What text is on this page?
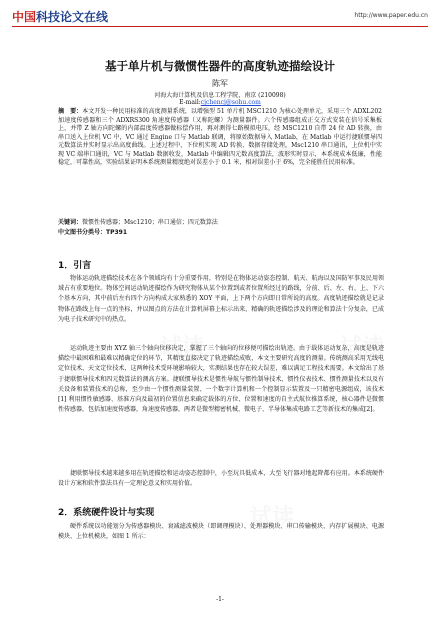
中国科技论文在线	http://www.paper.edu.cn
基于单片机与微惯性器件的高度轨迹描绘设计
陈军
河海大海计算机及信息工程学院，南京 (210098)
E-mail:cjchencj@sohu.com
摘　要：本文开发一种民用标准的高度测量系统，以增强型 51 单片机 MSC1210 为核心处理单元，采用三个 ADXL202 加速度传感器和三个 ADXRS300 角速度传感器（又称陀螺）为测量器件。六个传感器组成正交方式安装在信号采集板上，并带 Z 轴方向陀螺的内部温度传感器做标偿作用，再对测得七路模拟电压，经 MSC1210 自带 24 位 AD 转换，由串口送入上位机 VC 中，VC 通过 Engine 口与 Matlab 联调，将原始数据导入 Matlab，在 Matlab 中运行捷联惯导四元数算法并实时显示出高度曲线。上述过程中，下位机实现 AD 转换、数据存储处理，Msc1210 串口通讯，上位机中实现 VC 端串口通讯，VC 与 Matlab 数据收发，Matlab 中编辑四元数高度算法，波形实时显示，本系统成本低廉，性能稳定，可靠性高，实验结果证明本系统测量精度绝对误差小于 0.1 米，相对误差小于 6%，完全能胜任民用标准。
关键词：微惯性传感器；Msc1210；串口通信；四元数算法
中文图书分类号：TP391
1．引言
物体运动轨迹描绘技术在各个领域均有十分重要作用，特别是在物体运动姿态控制、航天、航海以及国防军事及民用领域占有重要地位。物体空间运动轨迹描绘作为研究物体从某个位置到或者位置所经过的路线，分前、后、左、右、上、下六个基本方向，其中前后左右四个方向构成大家熟悉的 XOY 平面，上下两个方向即日常所说的高度。高度轨迹描绘就是记录物体在路线上每一点的坐标，并以图点的方法在计算机屏幕上标示出来，精确的轨迹描绘涉及的理论和算法十分复杂，已成为电子技术研究中的热点。
运动轨迹主要由 XYZ 轴三个轴向位移决定，掌握了三个轴向的位移便可描绘出轨迹。由于载体运动复杂，高度是轨迹描绘中最困难和最难以精确定位的环节，其精度直接决定了轨迹描绘成败，本文主要研究高度的测量。传统测高采用无线电定位技术，天文定位技术，这两种技术受环境影响较大，实测结果也存在较大误差，难以满足工程技术需要。本文给出了基于捷联惯导技术和四元数算法的测高方案。捷联惯导技术是惯性导航与惯性制导技术、惯性仪表技术、惯性测量技术以及有关设备和装置技术的总称，至少由一个惯性测量装置、一个数字计算机和一个控制显示装置及一只精密电源组成，该技术[1] 利用惯性敏感器、基准方向及最初的位置信息来确定载体的方位、位置和速度的自主式航位推算系统，核心器件是微惯性传感器，包括加速度传感器，角速度传感器，两者是微型精密机械、微电子、半导体集成电路工艺等新技术的集成[2]。
捷联惯导技术越来越多用在轨迹描绘和运动姿态控制中，小至玩具低成本，大至飞行器对地起降都有应用。本系统硬件设计方案和软件算法具有一定理论意义和实用价值。
2．系统硬件设计与实现
硬件系统以功能划分为传感器模块、衰减滤波模块（即调理模块）、处理器模块、串口传输模块、内存扩展模块、电源模块、上位机模块，如图 1 所示：
-1-
